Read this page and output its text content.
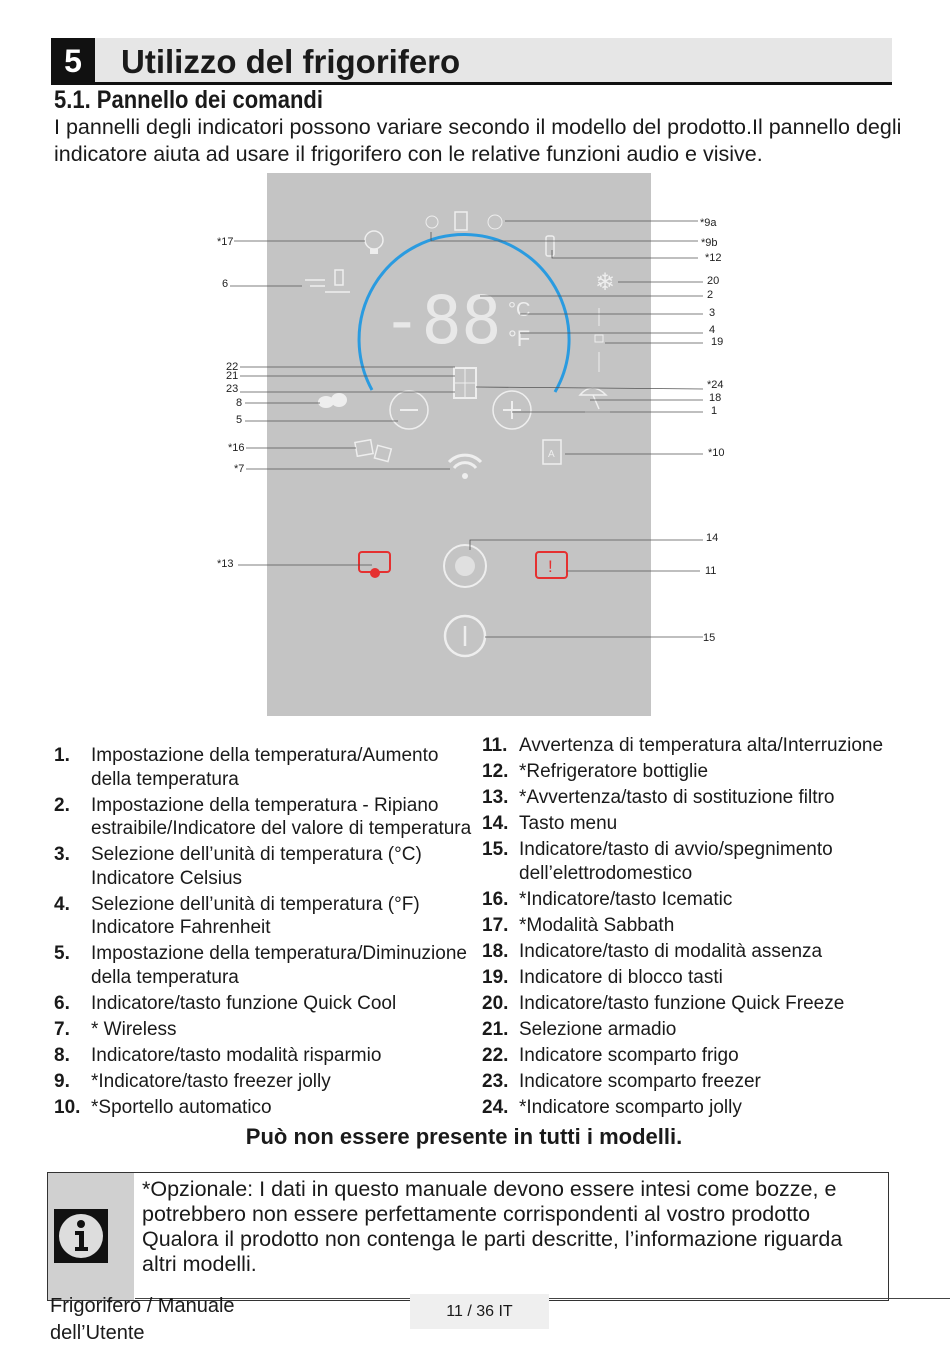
5	Utilizzo del frigorifero
5.1. Pannello dei comandi
I pannelli degli indicatori possono variare secondo il modello del prodotto.Il pannello degli indicatore aiuta ad usare il frigorifero con le relative funzioni audio e visive.
-88 °C
°F
❄
A
!
*17
6
22
21
23
8
5
*16
*7
*13
*9a
*9b
*12
20
2
3
4
19
*24
18
1
*10
14
11
15
1. Impostazione della temperatura/Aumento della temperatura
2. Impostazione della temperatura - Ripiano estraibile/Indicatore del valore di temperatura
3. Selezione dell’unità di temperatura (°C) Indicatore Celsius
4. Selezione dell’unità di temperatura (°F) Indicatore Fahrenheit
5. Impostazione della temperatura/Diminuzione della temperatura
6. Indicatore/tasto funzione Quick Cool
7. * Wireless
8. Indicatore/tasto modalità risparmio
9. *Indicatore/tasto freezer jolly
10. *Sportello automatico
11. Avvertenza di temperatura alta/Interruzione
12. *Refrigeratore bottiglie
13. *Avvertenza/tasto di sostituzione filtro
14. Tasto menu
15. Indicatore/tasto di avvio/spegnimento dell’elettrodomestico
16. *Indicatore/tasto Icematic
17. *Modalità Sabbath
18. Indicatore/tasto di modalità assenza
19. Indicatore di blocco tasti
20. Indicatore/tasto funzione Quick Freeze
21. Selezione armadio
22. Indicatore scomparto frigo
23. Indicatore scomparto freezer
24. *Indicatore scomparto jolly
Può non essere presente in tutti i modelli.
*Opzionale: I dati in questo manuale devono essere intesi come bozze, e potrebbero non essere perfettamente corrispondenti al vostro prodotto Qualora il prodotto non contenga le parti descritte, l’informazione riguarda altri modelli.
Frigorifero / Manuale dell’Utente
11 / 36 IT
